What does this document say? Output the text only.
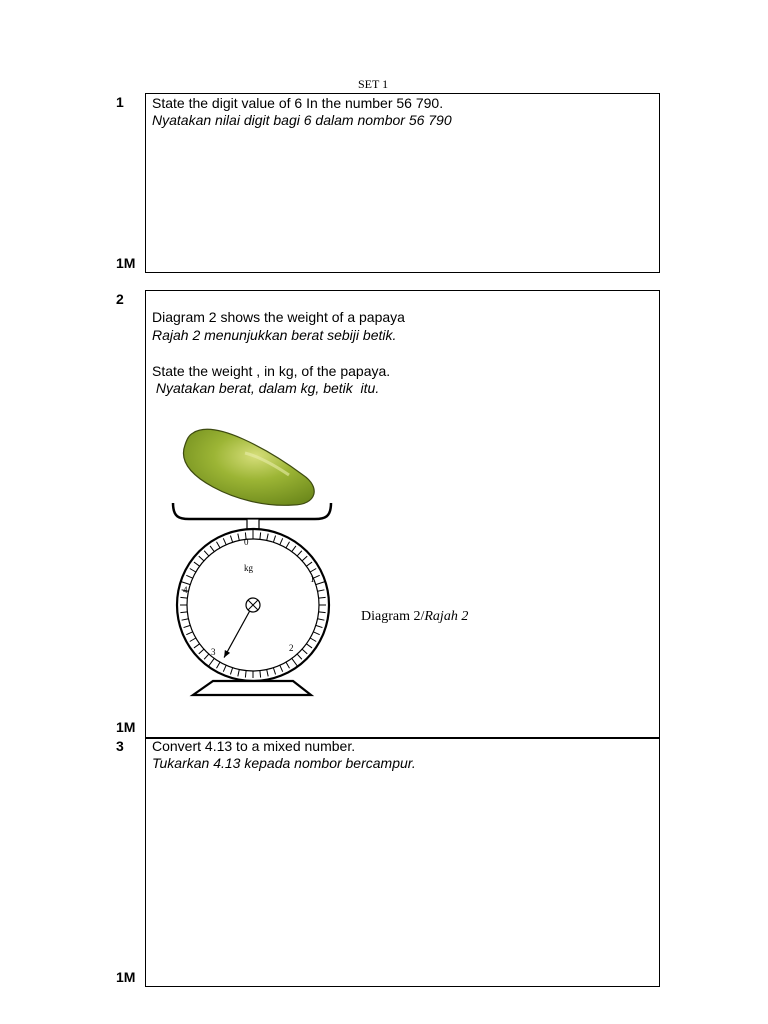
SET 1
1 State the digit value of 6 In the number 56 790.
Nyatakan nilai digit bagi 6 dalam nombor 56 790
1M
2
Diagram 2 shows the weight of a papaya
Rajah 2 menunjukkan berat sebiji betik.
State the weight , in kg, of the papaya.
Nyatakan berat, dalam kg, betik  itu.
0
1
2
3
4
kg
Diagram 2/Rajah 2
1M
3 Convert 4.13 to a mixed number.
Tukarkan 4.13 kepada nombor bercampur.
1M
